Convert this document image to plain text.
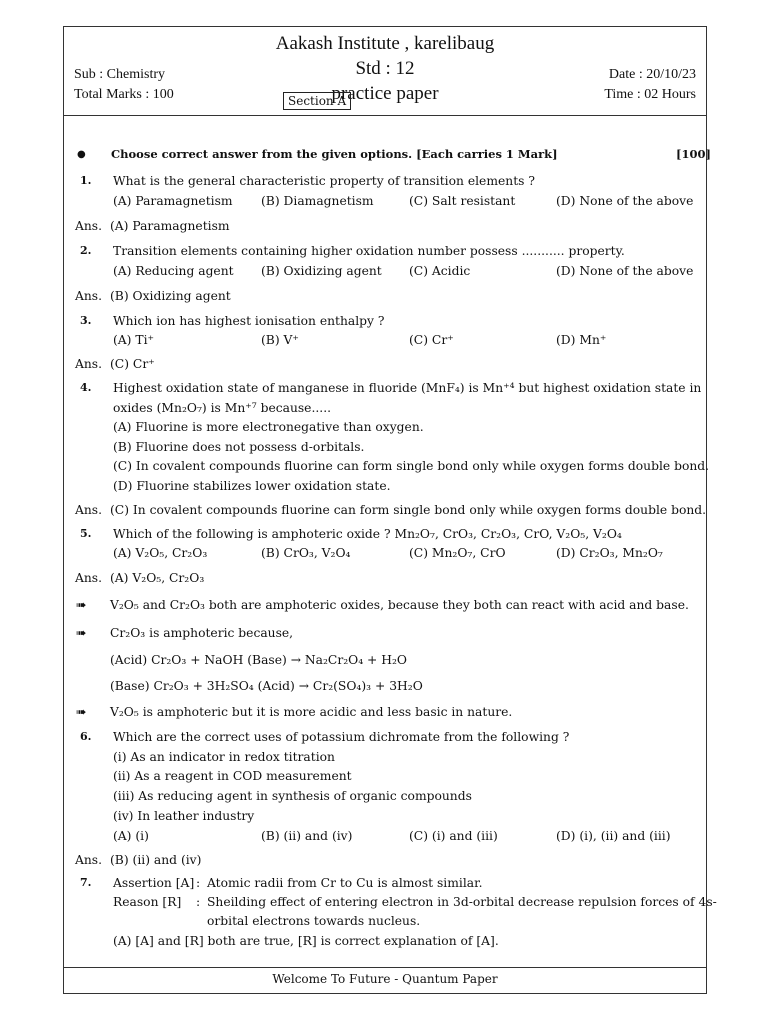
Aakash Institute , karelibaug
Std : 12
practice paper
Sub : Chemistry
Total Marks : 100
Date : 20/10/23
Time : 02 Hours
Welcome To Future - Quantum Paper
Section A
● Choose correct answer from the given options. [Each carries 1 Mark]	[100]
1. What is the general characteristic property of transition elements ?
(A) Paramagnetism (B) Diamagnetism	(C) Salt resistant	(D) None of the above
Ans. (A) Paramagnetism
2. Transition elements containing higher oxidation number possess ........... property.
(A) Reducing agent (B) Oxidizing agent (C) Acidic	(D) None of the above
Ans. (B) Oxidizing agent
3. Which ion has highest ionisation enthalpy ?
(A) Ti⁺	(B) V⁺	(C) Cr⁺	(D) Mn⁺
Ans. (C) Cr⁺
4. Highest oxidation state of manganese in fluoride (MnF₄) is Mn⁺⁴ but highest oxidation state in
oxides (Mn₂O₇) is Mn⁺⁷ because.....
(A) Fluorine is more electronegative than oxygen.
(B) Fluorine does not possess d-orbitals.
(C) In covalent compounds fluorine can form single bond only while oxygen forms double bond.
(D) Fluorine stabilizes lower oxidation state.
Ans. (C) In covalent compounds fluorine can form single bond only while oxygen forms double bond.
5. Which of the following is amphoteric oxide ? Mn₂O₇, CrO₃, Cr₂O₃, CrO, V₂O₅, V₂O₄
(A) V₂O₅, Cr₂O₃	(B) CrO₃, V₂O₄	(C) Mn₂O₇, CrO	(D) Cr₂O₃, Mn₂O₇
Ans. (A) V₂O₅, Cr₂O₃
➠ V₂O₅ and Cr₂O₃ both are amphoteric oxides, because they both can react with acid and base.
➠ Cr₂O₃ is amphoteric because,
(Acid) Cr₂O₃ + NaOH (Base) → Na₂Cr₂O₄ + H₂O
(Base) Cr₂O₃ + 3H₂SO₄ (Acid) → Cr₂(SO₄)₃ + 3H₂O
➠ V₂O₅ is amphoteric but it is more acidic and less basic in nature.
6. Which are the correct uses of potassium dichromate from the following ?
(i) As an indicator in redox titration
(ii) As a reagent in COD measurement
(iii) As reducing agent in synthesis of organic compounds
(iv) In leather industry
(A) (i)	(B) (ii) and (iv)	(C) (i) and (iii)	(D) (i), (ii) and (iii)
Ans. (B) (ii) and (iv)
7. Assertion [A] : Atomic radii from Cr to Cu is almost similar.
Reason [R] : Sheilding effect of entering electron in 3d-orbital decrease repulsion forces of 4s-
orbital electrons towards nucleus.
(A) [A] and [R] both are true, [R] is correct explanation of [A].
